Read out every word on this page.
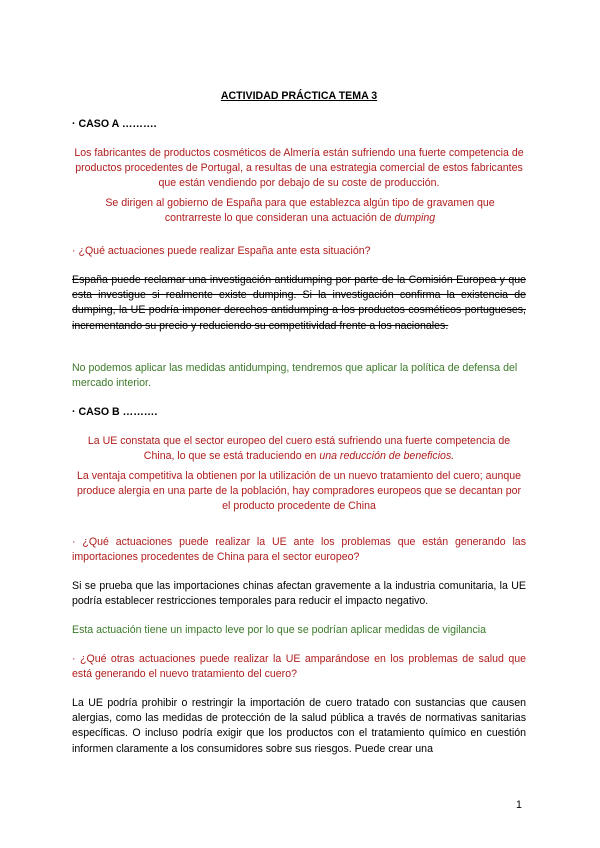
ACTIVIDAD PRÁCTICA TEMA 3
· CASO A ……….

Los fabricantes de productos cosméticos de Almería están sufriendo una fuerte competencia de productos procedentes de Portugal, a resultas de una estrategia comercial de estos fabricantes que están vendiendo por debajo de su coste de producción.

Se dirigen al gobierno de España para que establezca algún tipo de gravamen que contrarreste lo que consideran una actuación de dumping

· ¿Qué actuaciones puede realizar España ante esta situación?

España puede reclamar una investigación antidumping por parte de la Comisión Europea y que esta investigue si realmente existe dumping. Si la investigación confirma la existencia de dumping, la UE podría imponer derechos antidumping a los productos cosméticos portugueses, incrementando su precio y reduciendo su competitividad frente a los nacionales.

No podemos aplicar las medidas antidumping, tendremos que aplicar la política de defensa del mercado interior.

· CASO B ……….

La UE constata que el sector europeo del cuero está sufriendo una fuerte competencia de China, lo que se está traduciendo en una reducción de beneficios.

La ventaja competitiva la obtienen por la utilización de un nuevo tratamiento del cuero; aunque produce alergia en una parte de la población, hay compradores europeos que se decantan por el producto procedente de China

· ¿Qué actuaciones puede realizar la UE ante los problemas que están generando las importaciones procedentes de China para el sector europeo?

Si se prueba que las importaciones chinas afectan gravemente a la industria comunitaria, la UE podría establecer restricciones temporales para reducir el impacto negativo.

Esta actuación tiene un impacto leve por lo que se podrían aplicar medidas de vigilancia

· ¿Qué otras actuaciones puede realizar la UE amparándose en los problemas de salud que está generando el nuevo tratamiento del cuero?

La UE podría prohibir o restringir la importación de cuero tratado con sustancias que causen alergias, como las medidas de protección de la salud pública a través de normativas sanitarias específicas. O incluso podría exigir que los productos con el tratamiento químico en cuestión informen claramente a los consumidores sobre sus riesgos. Puede crear una

1
